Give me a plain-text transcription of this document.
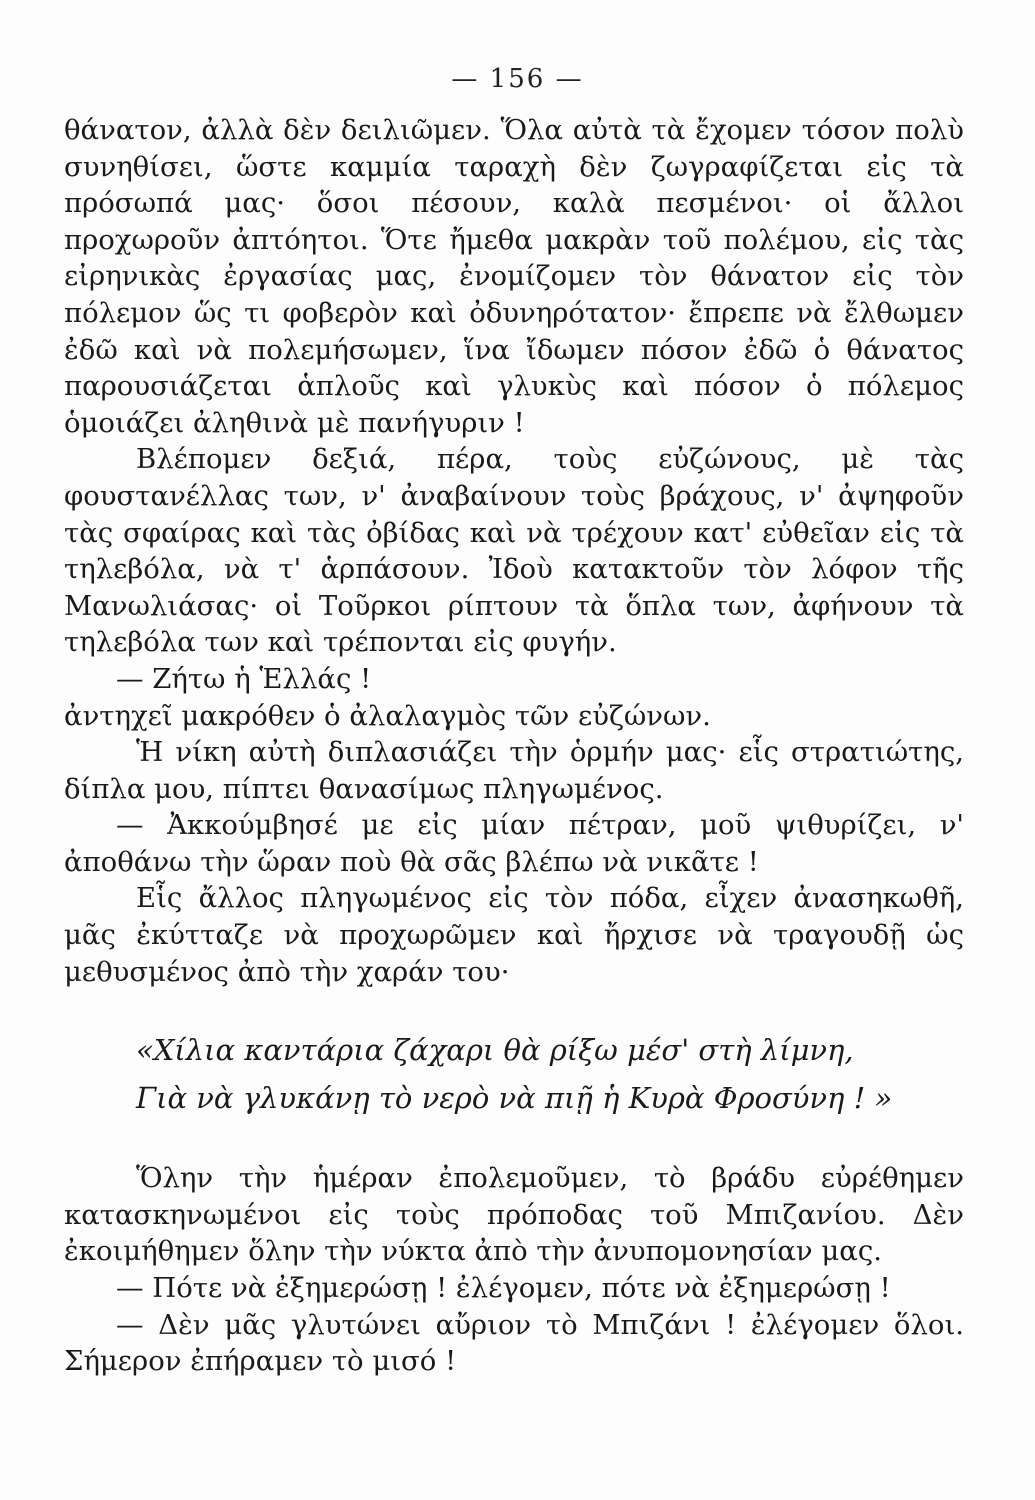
— 156 —

θάνατον, ἀλλὰ δὲν δειλιῶμεν. Ὅλα αὐτὰ τὰ ἔχομεν τόσον πολὺ συνηθίσει, ὥστε καμμία ταραχὴ δὲν ζωγραφίζεται εἰς τὰ πρόσωπά μας· ὅσοι πέσουν, καλὰ πεσμένοι· οἱ ἄλλοι προχωροῦν ἀπτόητοι. Ὅτε ἤμεθα μακρὰν τοῦ πολέμου, εἰς τὰς εἰρηνικὰς ἐργασίας μας, ἐνομίζομεν τὸν θάνατον εἰς τὸν πόλεμον ὥς τι φοβερὸν καὶ ὀδυνηρότατον· ἔπρεπε νὰ ἔλθωμεν ἐδῶ καὶ νὰ πολεμήσωμεν, ἵνα ἴδωμεν πόσον ἐδῶ ὁ θάνατος παρουσιάζεται ἁπλοῦς καὶ γλυκὺς καὶ πόσον ὁ πόλεμος ὁμοιάζει ἀληθινὰ μὲ πανήγυριν !

Βλέπομεν δεξιά, πέρα, τοὺς εὐζώνους, μὲ τὰς φουστανέλλας των, ν' ἀναβαίνουν τοὺς βράχους, ν' ἀψηφοῦν τὰς σφαίρας καὶ τὰς ὀβίδας καὶ νὰ τρέχουν κατ' εὐθεῖαν εἰς τὰ τηλεβόλα, νὰ τ' ἁρπάσουν. Ἰδοὺ κατακτοῦν τὸν λόφον τῆς Μανωλιάσας· οἱ Τοῦρκοι ρίπτουν τὰ ὅπλα των, ἀφήνουν τὰ τηλεβόλα των καὶ τρέπονται εἰς φυγήν.

— Ζήτω ἡ Ἑλλάς !

ἀντηχεῖ μακρόθεν ὁ ἀλαλαγμὸς τῶν εὐζώνων.

Ἡ νίκη αὐτὴ διπλασιάζει τὴν ὁρμήν μας· εἷς στρατιώτης, δίπλα μου, πίπτει θανασίμως πληγωμένος.

— Ἀκκούμβησέ με εἰς μίαν πέτραν, μοῦ ψιθυρίζει, ν' ἀποθάνω τὴν ὥραν ποὺ θὰ σᾶς βλέπω νὰ νικᾶτε !

Εἷς ἄλλος πληγωμένος εἰς τὸν πόδα, εἶχεν ἀνασηκωθῆ, μᾶς ἐκύτταζε νὰ προχωρῶμεν καὶ ἤρχισε νὰ τραγουδῇ ὡς μεθυσμένος ἀπὸ τὴν χαράν του·

«Χίλια καντάρια ζάχαρι θὰ ρίξω μέσ' στὴ λίμνη,
Γιὰ νὰ γλυκάνῃ τὸ νερὸ νὰ πιῇ ἡ Κυρὰ Φροσύνη ! »

Ὅλην τὴν ἡμέραν ἐπολεμοῦμεν, τὸ βράδυ εὐρέθημεν κατασκηνωμένοι εἰς τοὺς πρόποδας τοῦ Μπιζανίου. Δὲν ἐκοιμήθημεν ὅλην τὴν νύκτα ἀπὸ τὴν ἀνυπομονησίαν μας.

— Πότε νὰ ἐξημερώσῃ ! ἐλέγομεν, πότε νὰ ἐξημερώσῃ !

— Δὲν μᾶς γλυτώνει αὔριον τὸ Μπιζάνι ! ἐλέγομεν ὅλοι. Σήμερον ἐπήραμεν τὸ μισό !
